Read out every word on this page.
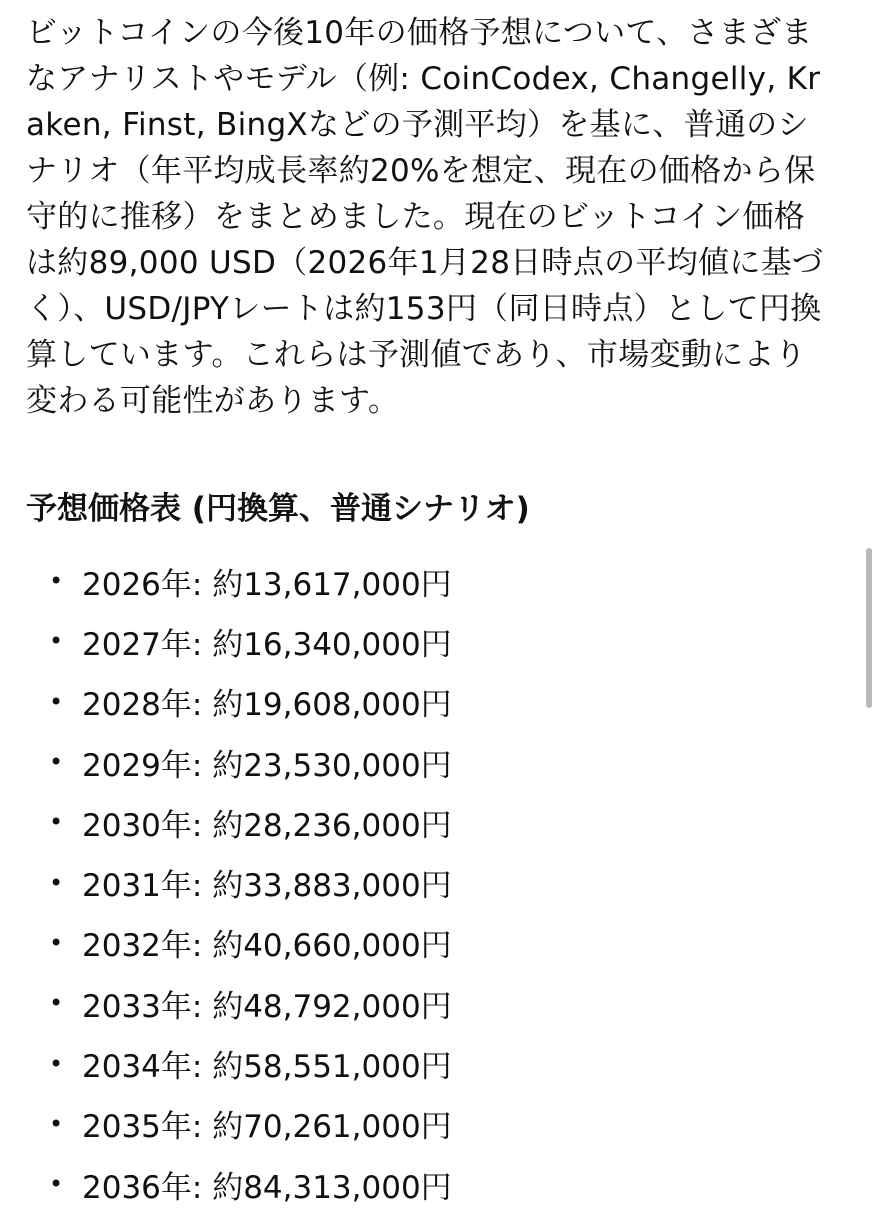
ビットコインの今後10年の価格予想について、さまざまなアナリストやモデル（例: CoinCodex, Changelly, Kraken, Finst, BingXなどの予測平均）を基に、普通のシナリオ（年平均成長率約20%を想定、現在の価格から保守的に推移）をまとめました。現在のビットコイン価格は約89,000 USD（2026年1月28日時点の平均値に基づく）、USD/JPYレートは約153円（同日時点）として円換算しています。これらは予測値であり、市場変動により変わる可能性があります。

予想価格表 (円換算、普通シナリオ)
• 2026年: 約13,617,000円
• 2027年: 約16,340,000円
• 2028年: 約19,608,000円
• 2029年: 約23,530,000円
• 2030年: 約28,236,000円
• 2031年: 約33,883,000円
• 2032年: 約40,660,000円
• 2033年: 約48,792,000円
• 2034年: 約58,551,000円
• 2035年: 約70,261,000円
• 2036年: 約84,313,000円
